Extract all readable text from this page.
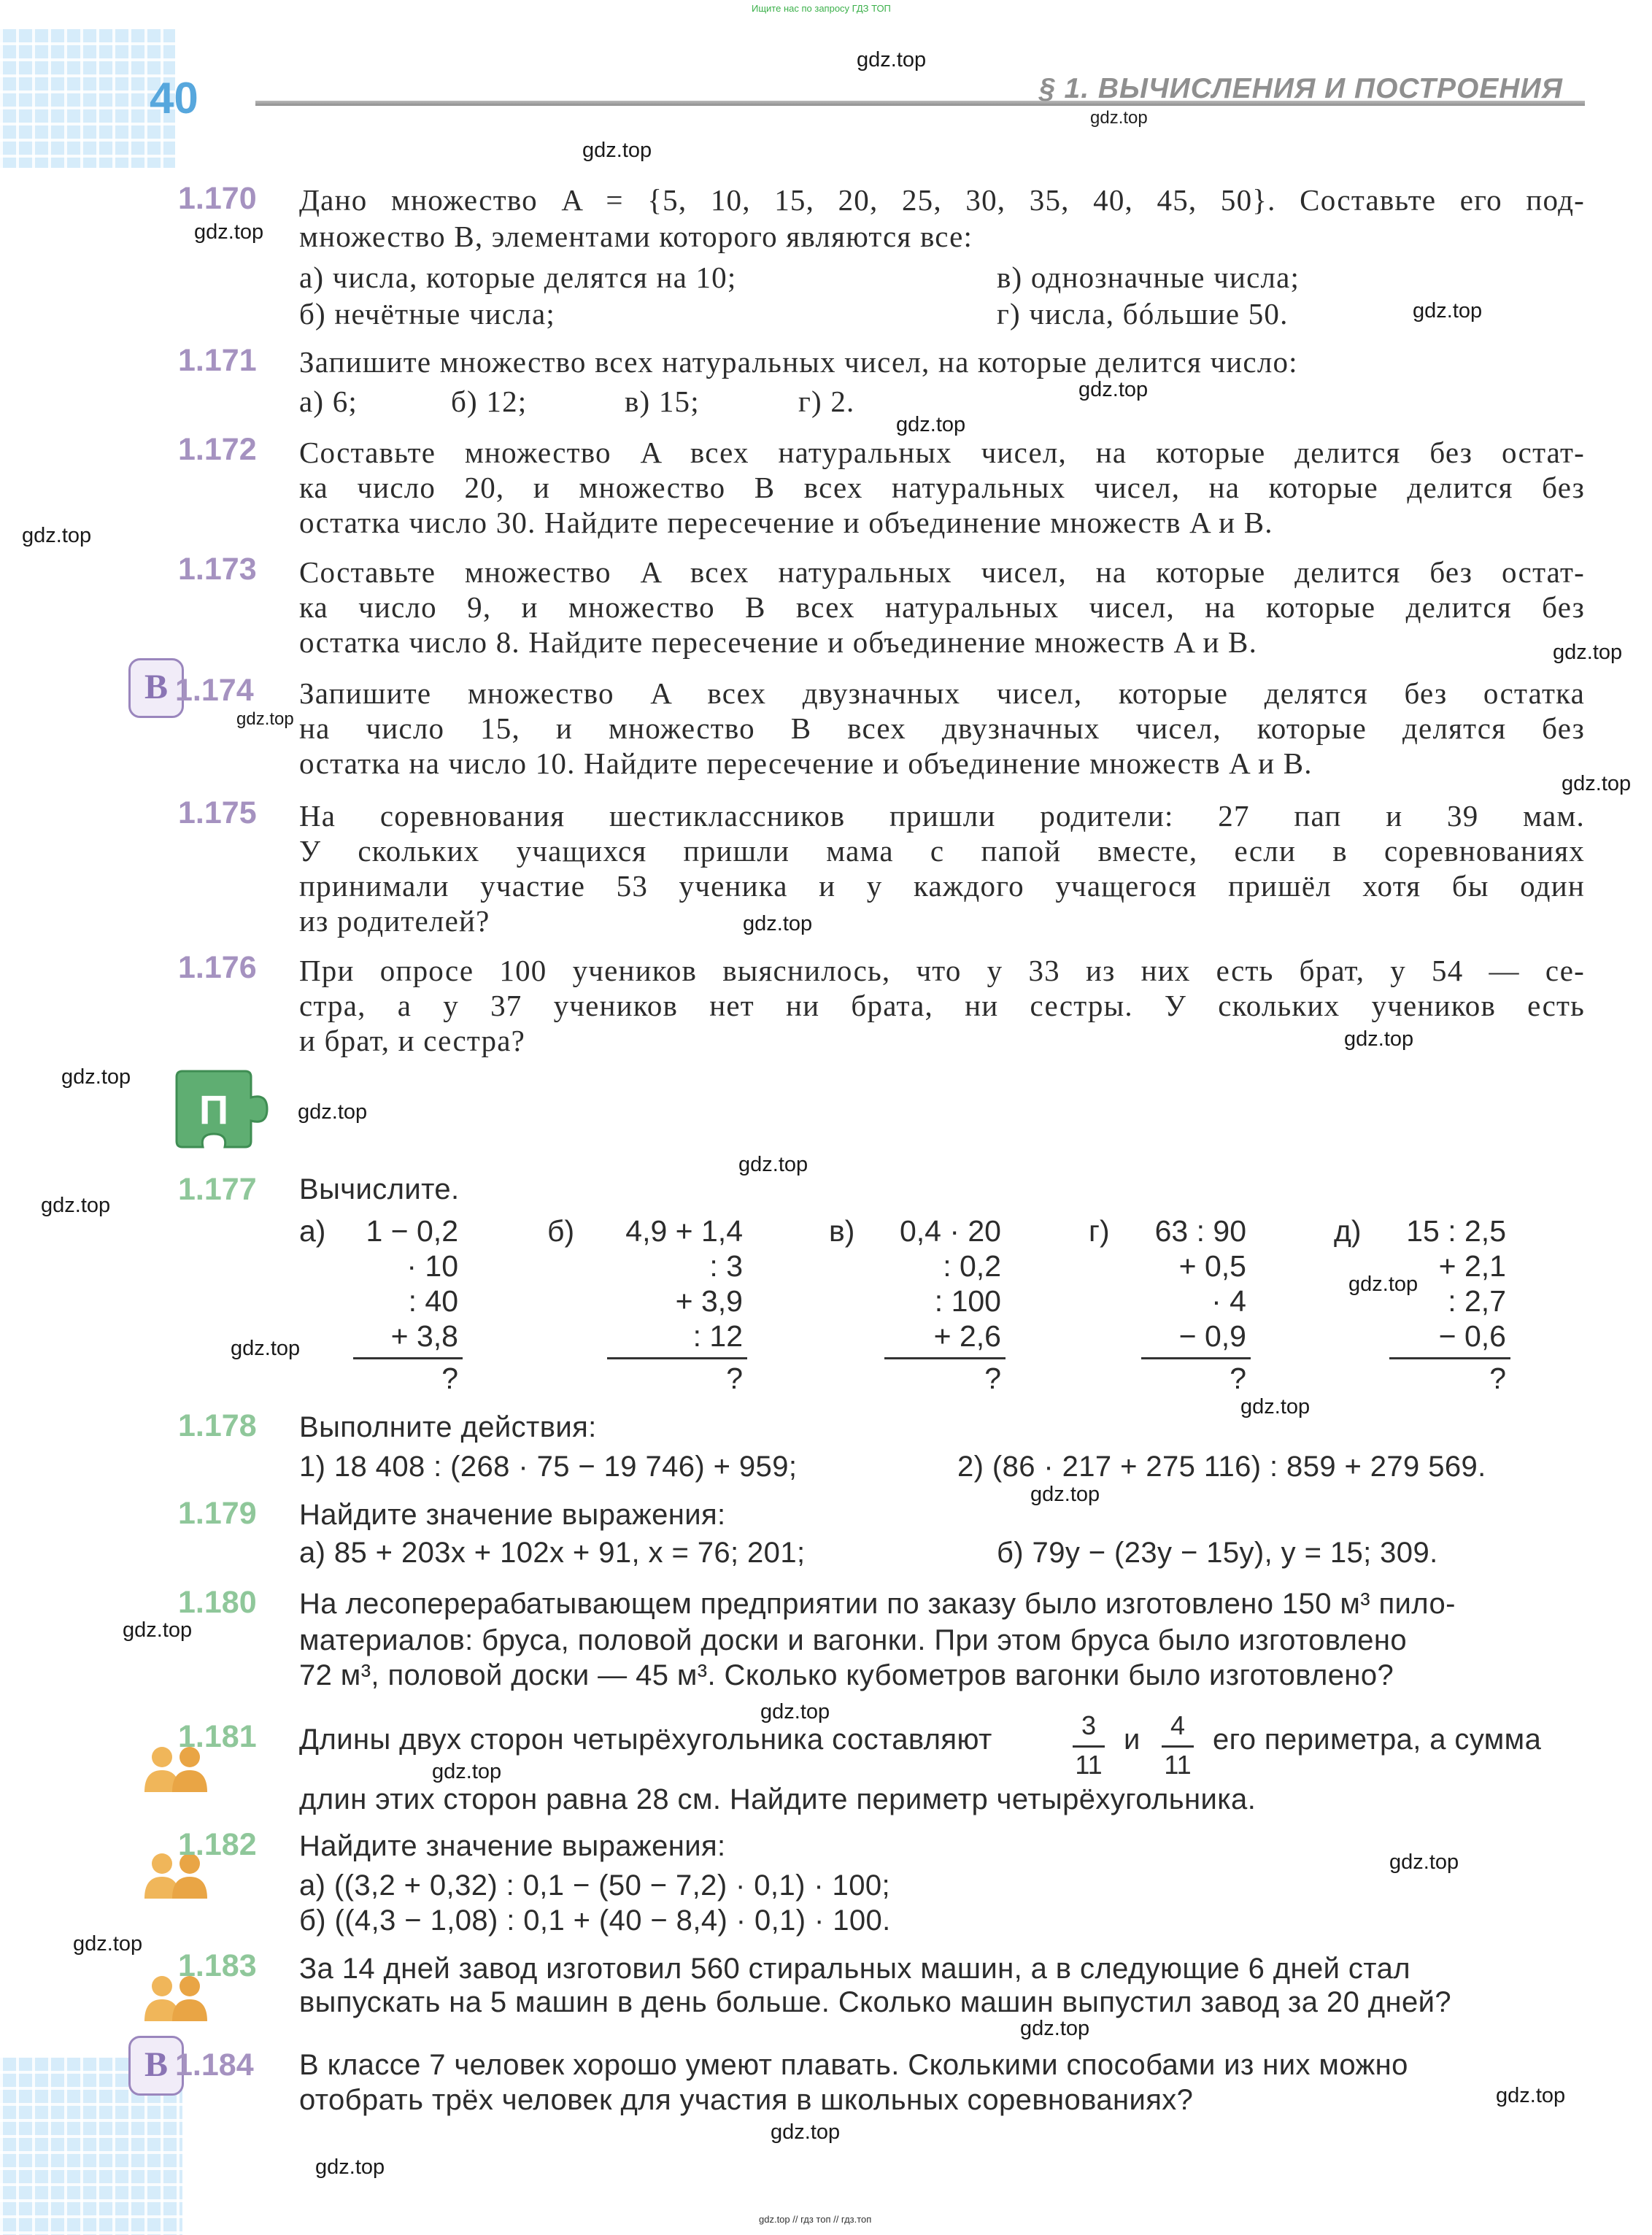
Ищите нас по запросу ГДЗ ТОП
40	§ 1. ВЫЧИСЛЕНИЯ И ПОСТРОЕНИЯ
gdz.top
1.170 Дано множество A = {5, 10, 15, 20, 25, 30, 35, 40, 45, 50}. Составьте его под-
множество B, элементами которого являются все:
а) числа, которые делятся на 10;	в) однозначные числа;
б) нечётные числа;	г) числа, бóльшие 50.
1.171 Запишите множество всех натуральных чисел, на которые делится число:
а) 6;	б) 12;	в) 15;	г) 2.
1.172 Составьте множество A всех натуральных чисел, на которые делится без остат-
ка число 20, и множество B всех натуральных чисел, на которые делится без
остатка число 30. Найдите пересечение и объединение множеств A и B.
1.173 Составьте множество A всех натуральных чисел, на которые делится без остат-
ка число 9, и множество B всех натуральных чисел, на которые делится без
остатка число 8. Найдите пересечение и объединение множеств A и B.
В 1.174 Запишите множество A всех двузначных чисел, которые делятся без остатка
на число 15, и множество B всех двузначных чисел, которые делятся без
остатка на число 10. Найдите пересечение и объединение множеств A и B.
1.175 На соревнования шестиклассников пришли родители: 27 пап и 39 мам.
У скольких учащихся пришли мама с папой вместе, если в соревнованиях
принимали участие 53 ученика и у каждого учащегося пришёл хотя бы один
из родителей?
1.176 При опросе 100 учеников выяснилось, что у 33 из них есть брат, у 54 — се-
стра, а у 37 учеников нет ни брата, ни сестры. У скольких учеников есть
и брат, и сестра?
П
1.177 Вычислите.
а) 1 − 0,2
· 10
: 40
+ 3,8
?
б) 4,9 + 1,4
: 3
+ 3,9
: 12
?
в) 0,4 · 20
: 0,2
: 100
+ 2,6
?
г) 63 : 90
+ 0,5
· 4
− 0,9
?
д) 15 : 2,5
+ 2,1
: 2,7
− 0,6
?
1.178 Выполните действия:
1) 18 408 : (268 · 75 − 19 746) + 959;	2) (86 · 217 + 275 116) : 859 + 279 569.
1.179 Найдите значение выражения:
а) 85 + 203x + 102x + 91, x = 76; 201;	б) 79y − (23y − 15y), y = 15; 309.
1.180 На лесоперерабатывающем предприятии по заказу было изготовлено 150 м³ пило-
материалов: бруса, половой доски и вагонки. При этом бруса было изготовлено
72 м³, половой доски — 45 м³. Сколько кубометров вагонки было изготовлено?
1.181 Длины двух сторон четырёхугольника составляют	3
11
и	4
11
его периметра, а сумма
длин этих сторон равна 28 см. Найдите периметр четырёхугольника.
1.182 Найдите значение выражения:
а) ((3,2 + 0,32) : 0,1 − (50 − 7,2) · 0,1) · 100;
б) ((4,3 − 1,08) : 0,1 + (40 − 8,4) · 0,1) · 100.
1.183 За 14 дней завод изготовил 560 стиральных машин, а в следующие 6 дней стал
выпускать на 5 машин в день больше. Сколько машин выпустил завод за 20 дней?
В 1.184 В классе 7 человек хорошо умеют плавать. Сколькими способами из них можно
отобрать трёх человек для участия в школьных соревнованиях?
gdz.top // гдз топ // гдз.топ
gdz.top
gdz.top
gdz.top
gdz.top
gdz.top
gdz.top
gdz.top
gdz.top
gdz.top
gdz.top
gdz.top
gdz.top
gdz.top
gdz.top
gdz.top
gdz.top
gdz.top
gdz.top
gdz.top
gdz.top
gdz.top
gdz.top
gdz.top
gdz.top
gdz.top
gdz.top
gdz.top
gdz.top
gdz.top
